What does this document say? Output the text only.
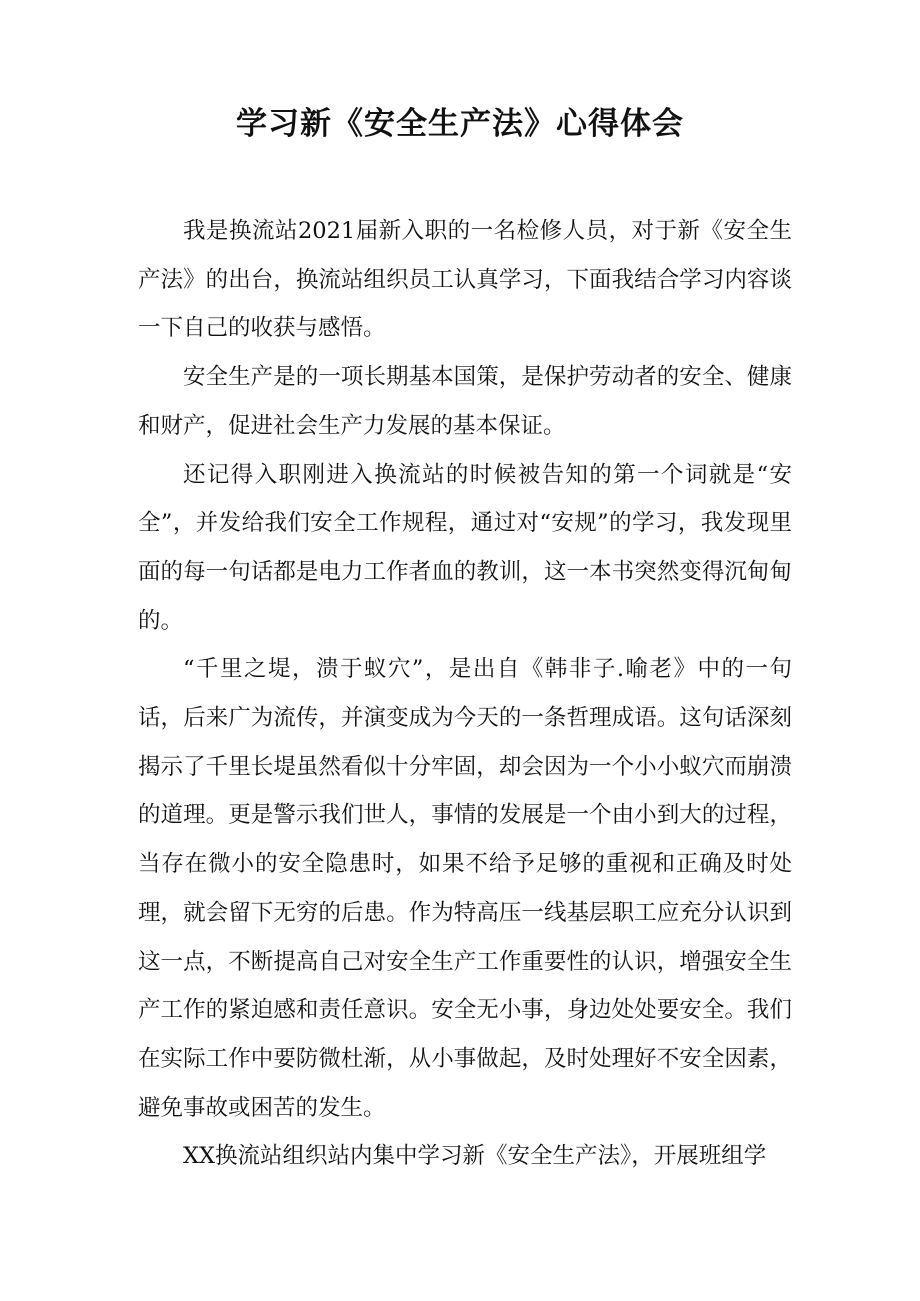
学习新《安全生产法》心得体会

我是换流站2021届新入职的一名检修人员，对于新《安全生产法》的出台，换流站组织员工认真学习，下面我结合学习内容谈一下自己的收获与感悟。

安全生产是的一项长期基本国策，是保护劳动者的安全、健康和财产，促进社会生产力发展的基本保证。

还记得入职刚进入换流站的时候被告知的第一个词就是“安全”，并发给我们安全工作规程，通过对“安规”的学习，我发现里面的每一句话都是电力工作者血的教训，这一本书突然变得沉甸甸的。

“千里之堤，溃于蚁穴”，是出自《韩非子.喻老》中的一句话，后来广为流传，并演变成为今天的一条哲理成语。这句话深刻揭示了千里长堤虽然看似十分牢固，却会因为一个小小蚁穴而崩溃的道理。更是警示我们世人，事情的发展是一个由小到大的过程，当存在微小的安全隐患时，如果不给予足够的重视和正确及时处理，就会留下无穷的后患。作为特高压一线基层职工应充分认识到这一点，不断提高自己对安全生产工作重要性的认识，增强安全生产工作的紧迫感和责任意识。安全无小事，身边处处要安全。我们在实际工作中要防微杜渐，从小事做起，及时处理好不安全因素，避免事故或困苦的发生。

XX换流站组织站内集中学习新《安全生产法》，开展班组学
